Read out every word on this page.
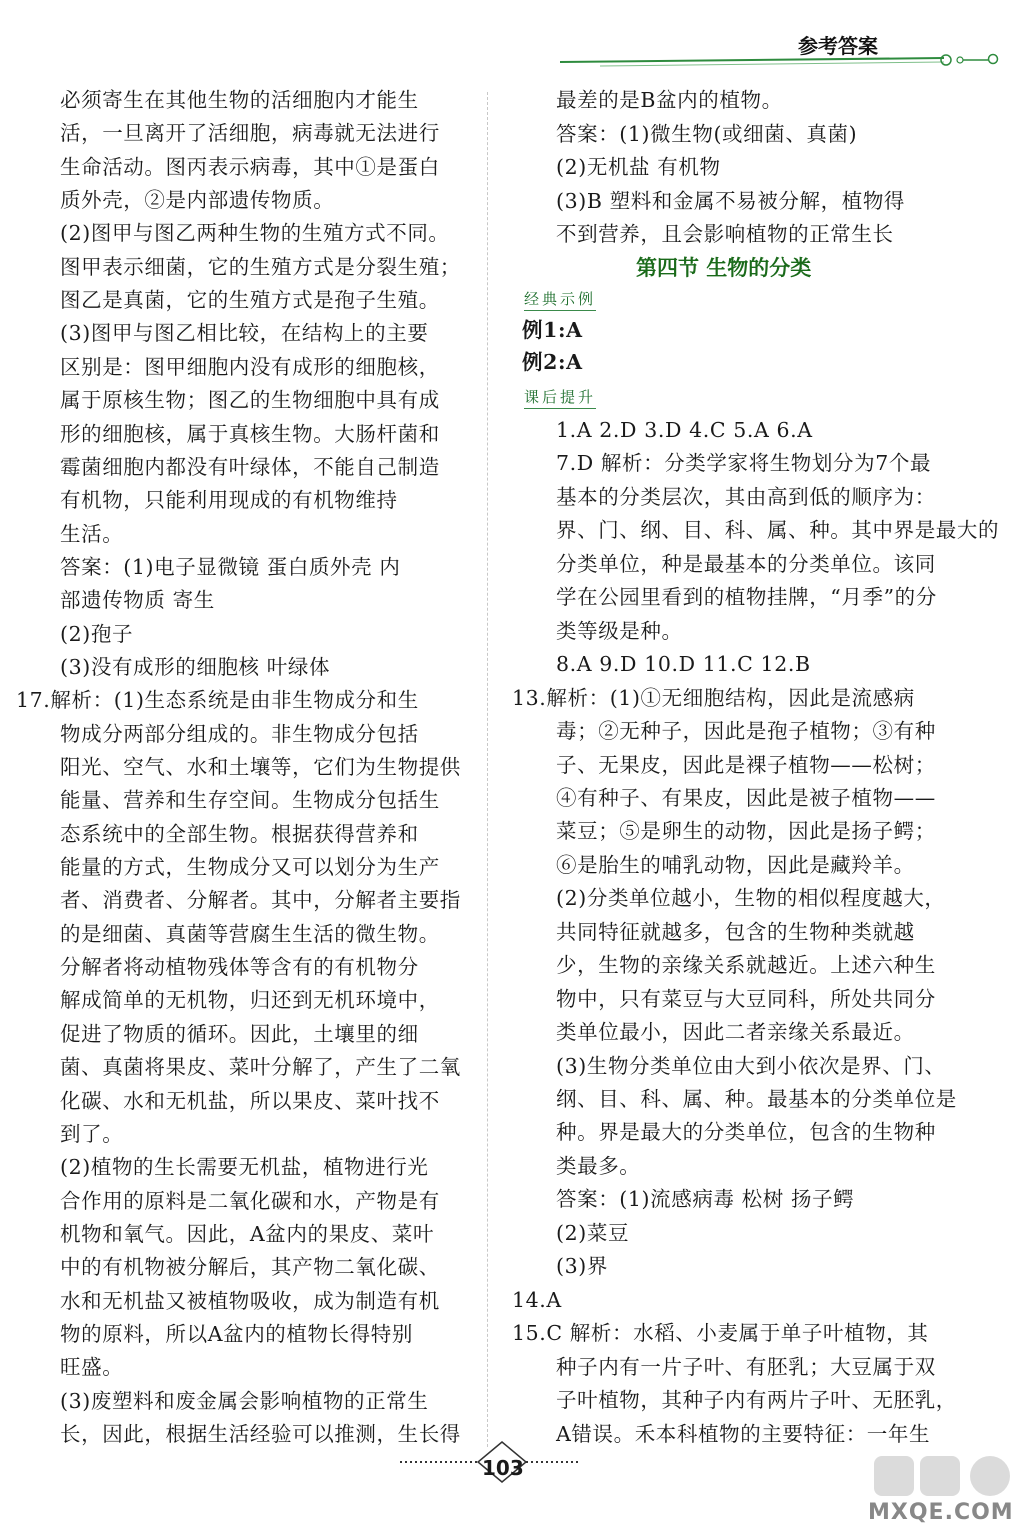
参考答案
必须寄生在其他生物的活细胞内才能生
活，一旦离开了活细胞，病毒就无法进行
生命活动。图丙表示病毒，其中①是蛋白
质外壳，②是内部遗传物质。
(2)图甲与图乙两种生物的生殖方式不同。
图甲表示细菌，它的生殖方式是分裂生殖；
图乙是真菌，它的生殖方式是孢子生殖。
(3)图甲与图乙相比较，在结构上的主要
区别是：图甲细胞内没有成形的细胞核，
属于原核生物；图乙的生物细胞中具有成
形的细胞核，属于真核生物。大肠杆菌和
霉菌细胞内都没有叶绿体，不能自己制造
有机物，只能利用现成的有机物维持
生活。
答案：(1)电子显微镜 蛋白质外壳 内
部遗传物质 寄生
(2)孢子
(3)没有成形的细胞核 叶绿体
17.解析：(1)生态系统是由非生物成分和生
物成分两部分组成的。非生物成分包括
阳光、空气、水和土壤等，它们为生物提供
能量、营养和生存空间。生物成分包括生
态系统中的全部生物。根据获得营养和
能量的方式，生物成分又可以划分为生产
者、消费者、分解者。其中，分解者主要指
的是细菌、真菌等营腐生生活的微生物。
分解者将动植物残体等含有的有机物分
解成简单的无机物，归还到无机环境中，
促进了物质的循环。因此，土壤里的细
菌、真菌将果皮、菜叶分解了，产生了二氧
化碳、水和无机盐，所以果皮、菜叶找不
到了。
(2)植物的生长需要无机盐，植物进行光
合作用的原料是二氧化碳和水，产物是有
机物和氧气。因此，A盆内的果皮、菜叶
中的有机物被分解后，其产物二氧化碳、
水和无机盐又被植物吸收，成为制造有机
物的原料，所以A盆内的植物长得特别
旺盛。
(3)废塑料和废金属会影响植物的正常生
长，因此，根据生活经验可以推测，生长得
最差的是B盆内的植物。
答案：(1)微生物(或细菌、真菌)
(2)无机盐 有机物
(3)B 塑料和金属不易被分解，植物得
不到营养，且会影响植物的正常生长
第四节 生物的分类
经典示例
例1:A
例2:A
课后提升
1.A 2.D 3.D 4.C 5.A 6.A
7.D 解析：分类学家将生物划分为7个最
基本的分类层次，其由高到低的顺序为：
界、门、纲、目、科、属、种。其中界是最大的
分类单位，种是最基本的分类单位。该同
学在公园里看到的植物挂牌，“月季”的分
类等级是种。
8.A 9.D 10.D 11.C 12.B
13.解析：(1)①无细胞结构，因此是流感病
毒；②无种子，因此是孢子植物；③有种
子、无果皮，因此是裸子植物——松树；
④有种子、有果皮，因此是被子植物——
菜豆；⑤是卵生的动物，因此是扬子鳄；
⑥是胎生的哺乳动物，因此是藏羚羊。
(2)分类单位越小，生物的相似程度越大，
共同特征就越多，包含的生物种类就越
少，生物的亲缘关系就越近。上述六种生
物中，只有菜豆与大豆同科，所处共同分
类单位最小，因此二者亲缘关系最近。
(3)生物分类单位由大到小依次是界、门、
纲、目、科、属、种。最基本的分类单位是
种。界是最大的分类单位，包含的生物种
类最多。
答案：(1)流感病毒 松树 扬子鳄
(2)菜豆
(3)界
14.A
15.C 解析：水稻、小麦属于单子叶植物，其
种子内有一片子叶、有胚乳；大豆属于双
子叶植物，其种子内有两片子叶、无胚乳，
A错误。禾本科植物的主要特征：一年生
103
MXQE.COM
